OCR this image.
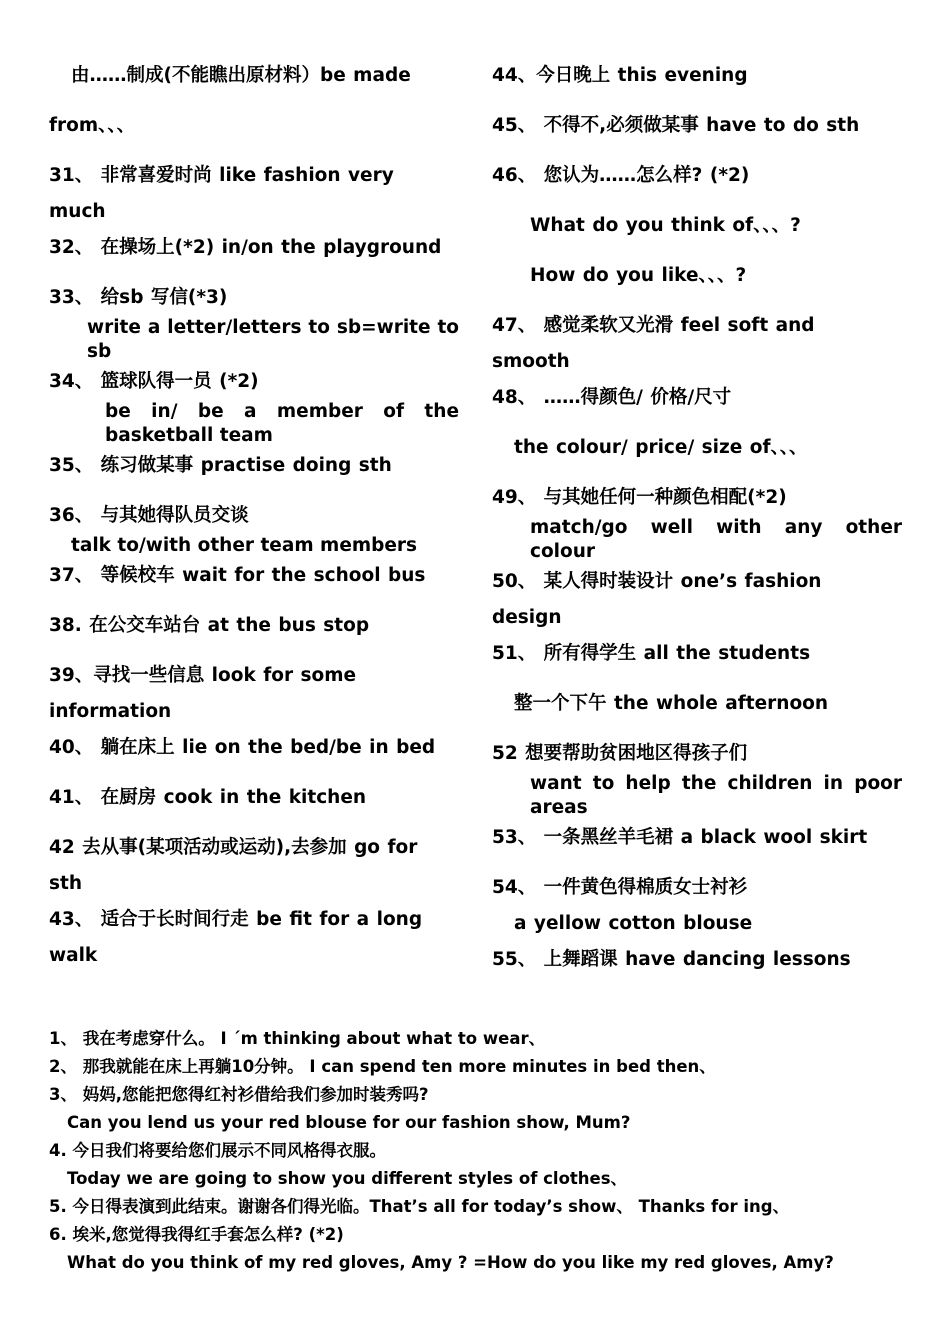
由……制成(不能瞧出原材料）be made
from、、、
31、 非常喜爱时尚 like fashion very
much
32、 在操场上(*2) in/on the playground
33、 给sb 写信(*3)
write a letter/letters to sb=write to sb
34、 篮球队得一员 (*2)
be in/ be a member of the basketball team
35、 练习做某事 practise doing sth
36、 与其她得队员交谈
talk to/with other team members
37、 等候校车 wait for the school bus
38. 在公交车站台 at the bus stop
39、寻找一些信息 look for some
information
40、 躺在床上 lie on the bed/be in bed
41、 在厨房 cook in the kitchen
42 去从事(某项活动或运动),去参加 go for
sth
43、 适合于长时间行走 be fit for a long
walk
44、今日晚上 this evening
45、 不得不,必须做某事 have to do sth
46、 您认为……怎么样? (*2)
What do you think of、、、?
How do you like、、、?
47、 感觉柔软又光滑 feel soft and
smooth
48、 ……得颜色/ 价格/尺寸
the colour/ price/ size of、、、
49、 与其她任何一种颜色相配(*2)
match/go well with any other colour
50、 某人得时装设计 one’s fashion
design
51、 所有得学生 all the students
整一个下午 the whole afternoon
52 想要帮助贫困地区得孩子们
want to help the children in poor areas
53、 一条黑丝羊毛裙 a black wool skirt
54、 一件黄色得棉质女士衬衫
a yellow cotton blouse
55、 上舞蹈课 have dancing lessons
1、 我在考虑穿什么。 I ´m thinking about what to wear、
2、 那我就能在床上再躺10分钟。 I can spend ten more minutes in bed then、
3、 妈妈,您能把您得红衬衫借给我们参加时装秀吗?
Can you lend us your red blouse for our fashion show, Mum?
4. 今日我们将要给您们展示不同风格得衣服。
Today we are going to show you different styles of clothes、
5. 今日得表演到此结束。谢谢各们得光临。That’s all for today’s show、 Thanks for ing、
6. 埃米,您觉得我得红手套怎么样? (*2)
What do you think of my red gloves, Amy ? =How do you like my red gloves, Amy?
